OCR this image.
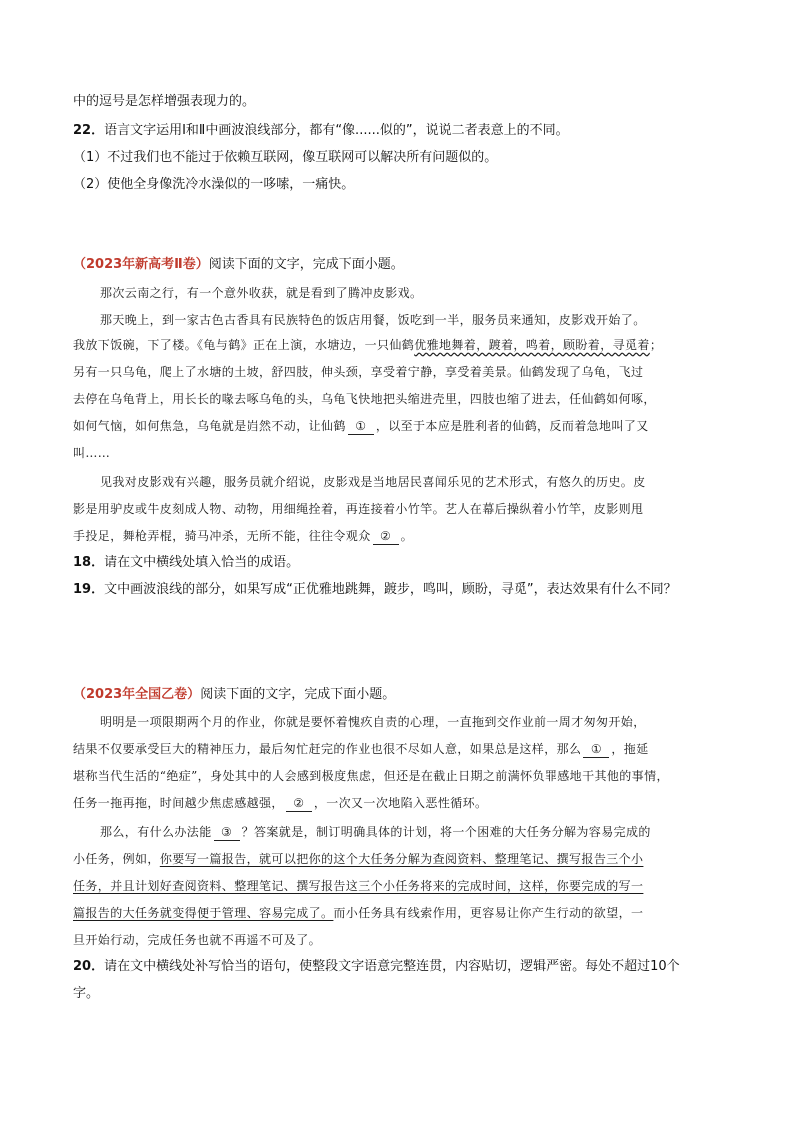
中的逗号是怎样增强表现力的。
22．语言文字运用Ⅰ和Ⅱ中画波浪线部分，都有“像......似的”，说说二者表意上的不同。
（1）不过我们也不能过于依赖互联网，像互联网可以解决所有问题似的。
（2）使他全身像洗冷水澡似的一哆嗦，一痛快。
（2023年新高考Ⅱ卷）阅读下面的文字，完成下面小题。
那次云南之行，有一个意外收获，就是看到了腾冲皮影戏。
那天晚上，到一家古色古香具有民族特色的饭店用餐，饭吃到一半，服务员来通知，皮影戏开始了。
我放下饭碗，下了楼。《龟与鹤》正在上演，水塘边，一只仙鹤优雅地舞着，踱着，鸣着，顾盼着，寻觅着；
另有一只乌龟，爬上了水塘的土坡，舒四肢，伸头颈，享受着宁静，享受着美景。仙鹤发现了乌龟，飞过
去停在乌龟背上，用长长的喙去啄乌龟的头，乌龟飞快地把头缩进壳里，四肢也缩了进去，任仙鹤如何啄，
如何气恼，如何焦急，乌龟就是岿然不动，让仙鹤 ① ，以至于本应是胜利者的仙鹤，反而着急地叫了又
叫……
见我对皮影戏有兴趣，服务员就介绍说，皮影戏是当地居民喜闻乐见的艺术形式，有悠久的历史。皮
影是用驴皮或牛皮刻成人物、动物，用细绳拴着，再连接着小竹竿。艺人在幕后操纵着小竹竿，皮影则甩
手投足，舞枪弄棍，骑马冲杀，无所不能，往往令观众 ② 。
18．请在文中横线处填入恰当的成语。
19．文中画波浪线的部分，如果写成“正优雅地跳舞，踱步，鸣叫，顾盼，寻觅”，表达效果有什么不同？
（2023年全国乙卷）阅读下面的文字，完成下面小题。
明明是一项限期两个月的作业，你就是要怀着愧疚自责的心理，一直拖到交作业前一周才匆匆开始，
结果不仅要承受巨大的精神压力，最后匆忙赶完的作业也很不尽如人意，如果总是这样，那么 ① ，拖延
堪称当代生活的“绝症”，身处其中的人会感到极度焦虑，但还是在截止日期之前满怀负罪感地干其他的事情，
任务一拖再拖，时间越少焦虑感越强， ② ，一次又一次地陷入恶性循环。
那么，有什么办法能 ③ ？答案就是，制订明确具体的计划，将一个困难的大任务分解为容易完成的
小任务，例如，你要写一篇报告，就可以把你的这个大任务分解为查阅资料、整理笔记、撰写报告三个小
任务，并且计划好查阅资料、整理笔记、撰写报告这三个小任务将来的完成时间，这样，你要完成的写一
篇报告的大任务就变得便于管理、容易完成了。而小任务具有线索作用，更容易让你产生行动的欲望，一
旦开始行动，完成任务也就不再遥不可及了。
20．请在文中横线处补写恰当的语句，使整段文字语意完整连贯，内容贴切，逻辑严密。每处不超过10个
字。
